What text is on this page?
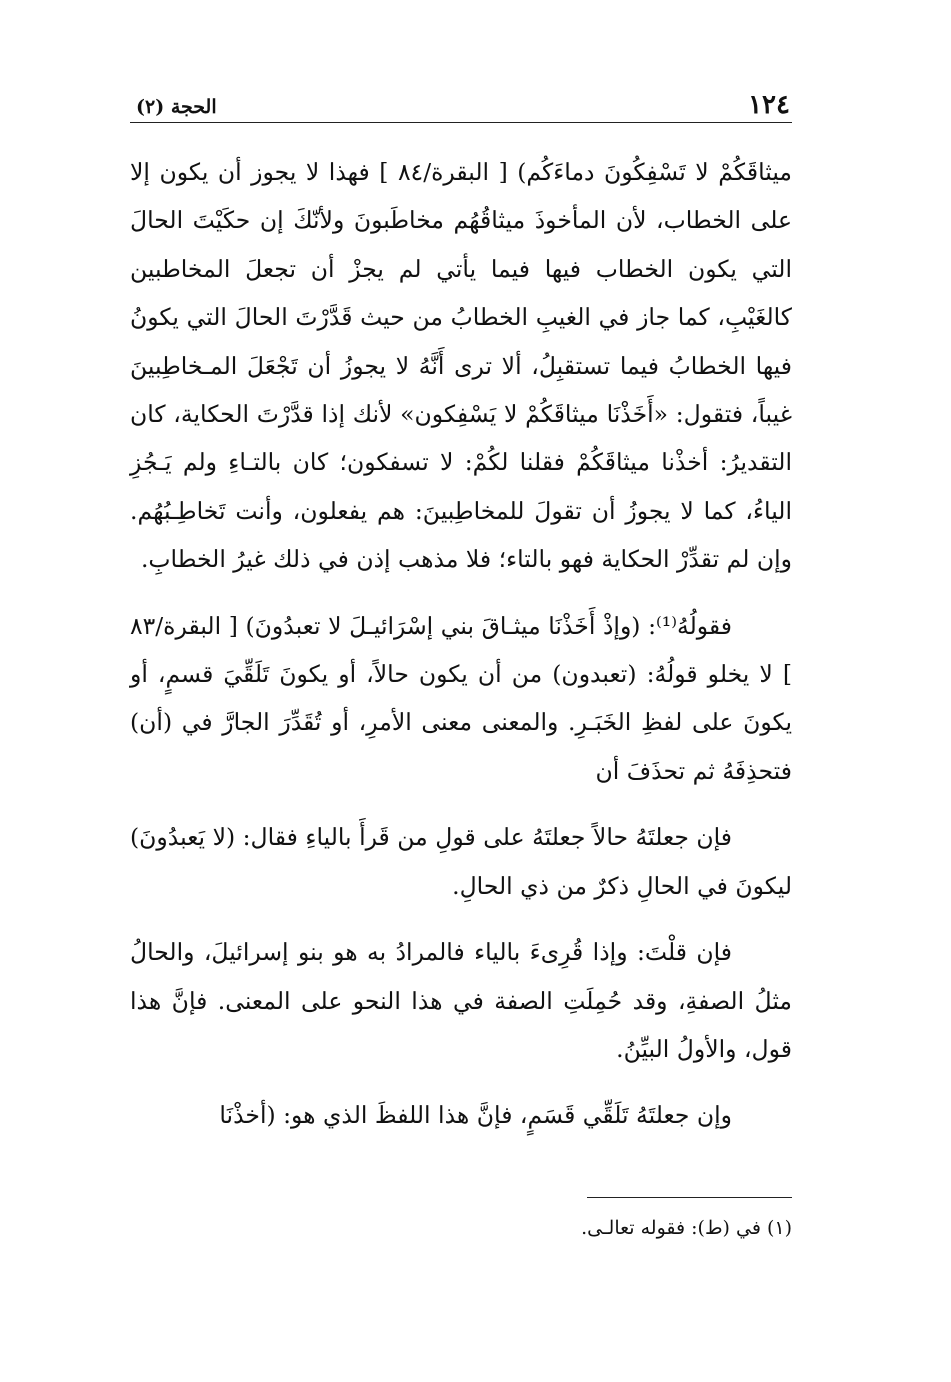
١٢٤
الحجة (٢)

ميثاقَكُمْ لا تَسْفِكُونَ دماءَكُم) [ البقرة/٨٤ ] فهذا لا يجوز أن يكون إلا على الخطاب، لأن المأخوذَ ميثاقُهُم مخاطَبونَ ولأنّكَ إن حكَيْتَ الحالَ التي يكون الخطاب فيها فيما يأتي لم يجزْ أن تجعلَ المخاطبين كالغَيْبِ، كما جاز في الغيبِ الخطابُ من حيث قَدَّرْتَ الحالَ التي يكونُ فيها الخطابُ فيما تستقبِلُ، ألا ترى أَنَّهُ لا يجوزُ أن تَجْعَلَ المـخاطِبينَ غيباً، فتقول: «أَخَذْنَا ميثاقَكُمْ لا يَسْفِكون» لأنك إذا قدَّرْتَ الحكاية، كان التقديرُ: أخذْنا ميثاقَكُمْ فقلنا لكُمْ: لا تسفكون؛ كان بالتـاءِ ولم يَـجُزِ الياءُ، كما لا يجوزُ أن تقولَ للمخاطِبينَ: هم يفعلون، وأنت تَخاطِـبُهُم. وإن لم تقدِّرْ الحكاية فهو بالتاء؛ فلا مذهب إذن في ذلك غيرُ الخطابِ.

فقولُهُ⁽¹⁾: (وإذْ أَخَذْنَا ميثـاقَ بني إسْرَائيـلَ لا تعبدُونَ) [ البقرة/٨٣ ] لا يخلو قولُهُ: (تعبدون) من أن يكون حالاً، أو يكونَ تَلَقِّيَ قسمٍ، أو يكونَ على لفظِ الخَبَـرِ. والمعنى معنى الأمرِ، أو تُقَدِّرَ الجارَّ في (أن) فتحذِفَهُ ثم تحذَفَ أن

فإن جعلتَهُ حالاً جعلتَهُ على قولِ من قَرأَ بالياءِ فقال: (لا يَعبدُونَ) ليكونَ في الحالِ ذكرٌ من ذي الحالِ.

فإن قلْتَ: وإذا قُرِىءَ بالياء فالمرادُ به هو بنو إسرائيلَ، والحالُ مثلُ الصفةِ، وقد حُمِلَتِ الصفة في هذا النحو على المعنى. فإنَّ هذا قول، والأولُ البيِّنُ.

وإن جعلتَهُ تَلَقِّي قَسَمٍ، فإنَّ هذا اللفظَ الذي هو: (أخذْنَا

(١) في (ط): فقوله تعالـى.
